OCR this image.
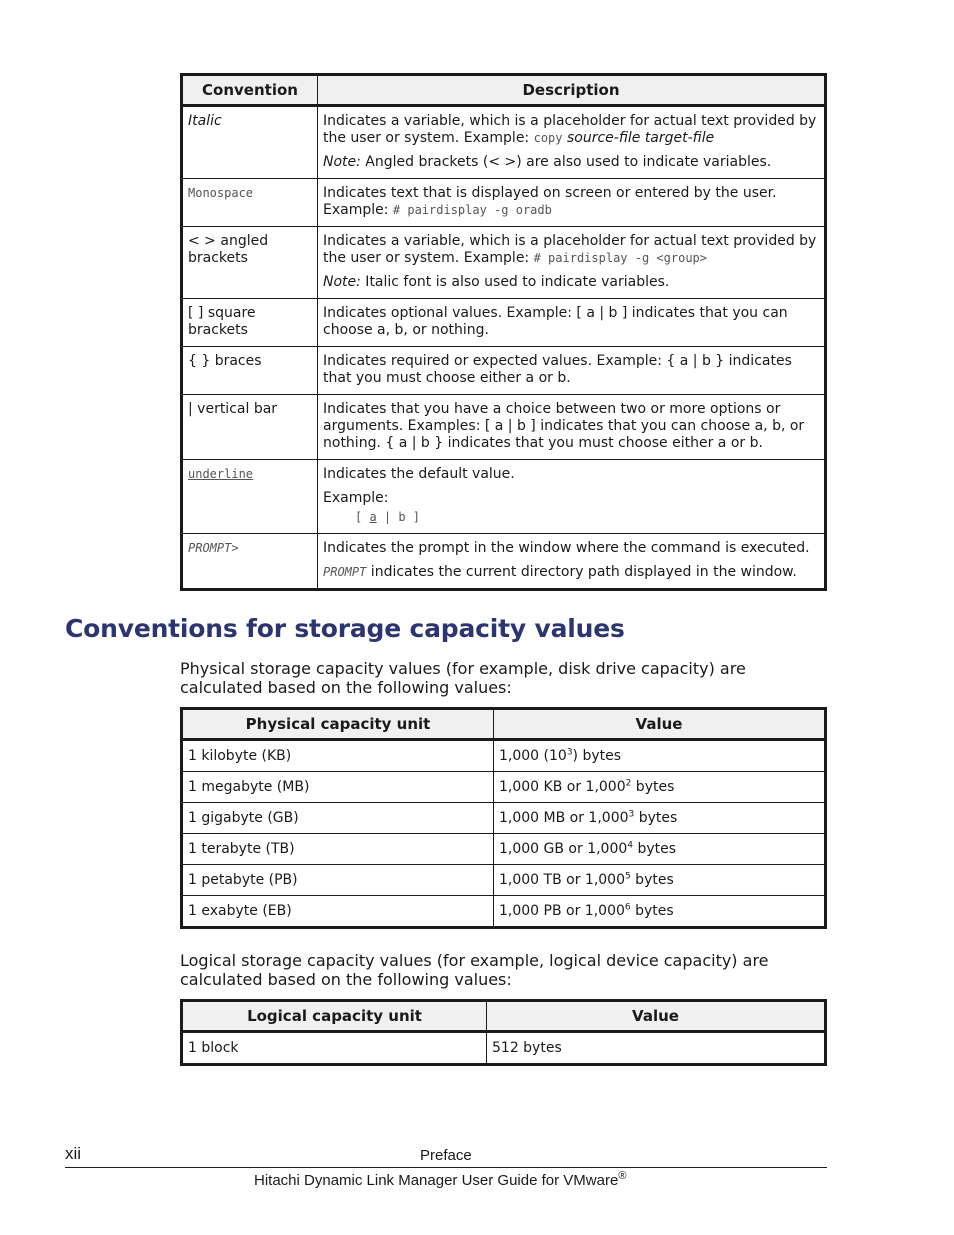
Convention	Description
Italic	Indicates a variable, which is a placeholder for actual text provided by the user or system. Example: copy source-file target-file

Note: Angled brackets (< >) are also used to indicate variables.

Monospace	Indicates text that is displayed on screen or entered by the user. Example: # pairdisplay -g oradb

< > angled brackets	Indicates a variable, which is a placeholder for actual text provided by the user or system. Example: # pairdisplay -g <group>

Note: Italic font is also used to indicate variables.

[ ] square brackets	Indicates optional values. Example: [ a | b ] indicates that you can choose a, b, or nothing.
{ } braces	Indicates required or expected values. Example: { a | b } indicates that you must choose either a or b.
| vertical bar	Indicates that you have a choice between two or more options or arguments. Examples: [ a | b ] indicates that you can choose a, b, or nothing. { a | b } indicates that you must choose either a or b.
underline	Indicates the default value.

Example:

[ a | b ]

PROMPT>	Indicates the prompt in the window where the command is executed.

PROMPT indicates the current directory path displayed in the window.

Conventions for storage capacity values

Physical storage capacity values (for example, disk drive capacity) are calculated based on the following values:

Physical capacity unit	Value
1 kilobyte (KB)	1,000 $(10^3)$ bytes
1 megabyte (MB)	1,000 KB or 1,000$^2$ bytes
1 gigabyte (GB)	1,000 MB or 1,000$^3$ bytes
1 terabyte (TB)	1,000 GB or 1,000$^4$ bytes
1 petabyte (PB)	1,000 TB or 1,000$^5$ bytes
1 exabyte (EB)	1,000 PB or 1,000$^6$ bytes

Logical storage capacity values (for example, logical device capacity) are calculated based on the following values:

Logical capacity unit	Value
1 block	512 bytes
xii	Preface
Hitachi Dynamic Link Manager User Guide for VMware®
